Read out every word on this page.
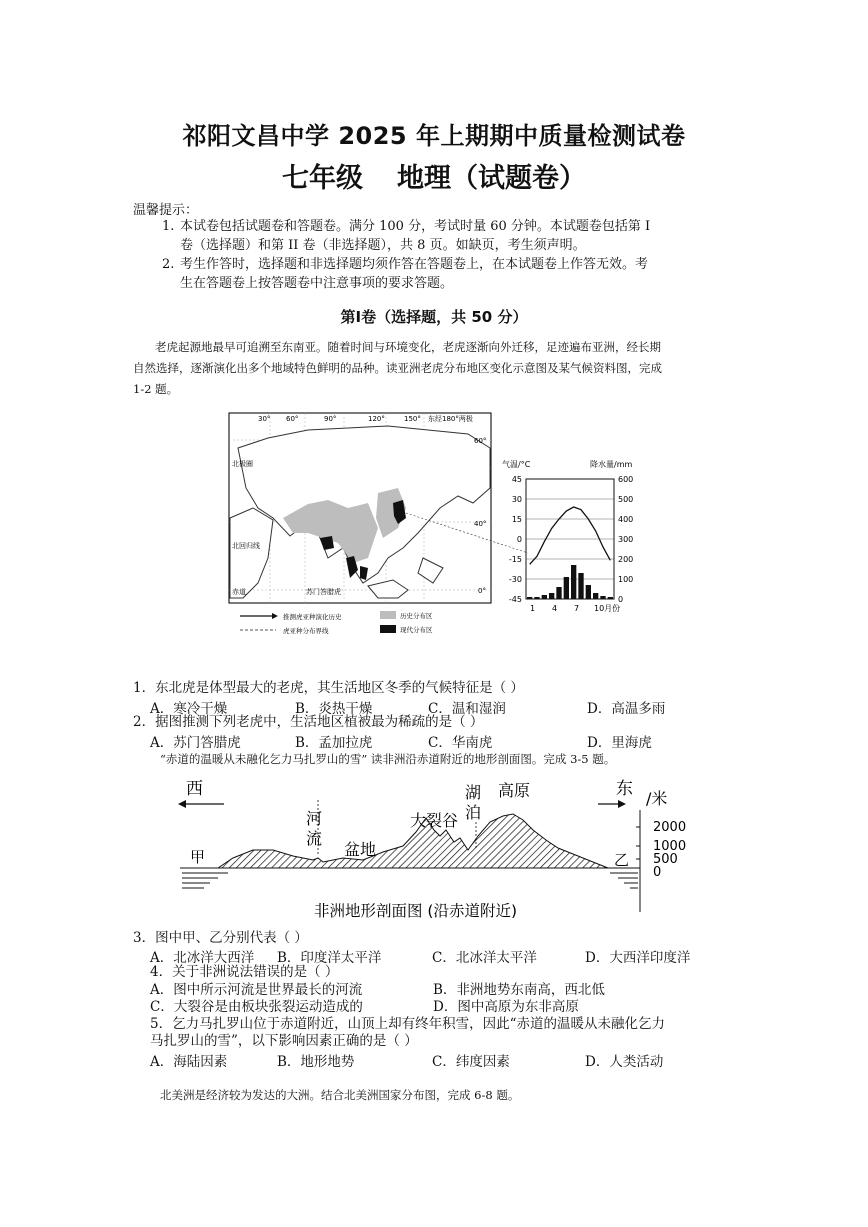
祁阳文昌中学 2025 年上期期中质量检测试卷
七年级 地理（试题卷）
温馨提示：
1. 本试卷包括试题卷和答题卷。满分 100 分，考试时量 60 分钟。本试题卷包括第 I
卷（选择题）和第 II 卷（非选择题），共 8 页。如缺页，考生须声明。
2. 考生作答时，选择题和非选择题均须作答在答题卷上，在本试题卷上作答无效。考
生在答题卷上按答题卷中注意事项的要求答题。
第I卷（选择题，共 50 分）
老虎起源地最早可追溯至东南亚。随着时间与环境变化，老虎逐渐向外迁移，足迹遍布亚洲，经长期
自然选择，逐渐演化出多个地域特色鲜明的品种。读亚洲老虎分布地区变化示意图及某气候资料图，完成
1-2 题。
30° 60°	90°	120°	150° 东经180°两极
60°
40°
0°
北极圈
北回归线
赤道	苏门答腊虎
推测虎亚种演化历史	历史分布区
虎亚种分布界线	现代分布区
气温/°C	降水量/mm
45
30
15
0
-15
-30
-45
600
500
400
300
200
100
0
1 4 7 10月份
1．东北虎是体型最大的老虎，其生活地区冬季的气候特征是（ ）
A．寒冷干燥	B．炎热干燥	C．温和湿润	D．高温多雨
2．据图推测下列老虎中，生活地区植被最为稀疏的是（ ）
A．苏门答腊虎	B．孟加拉虎	C．华南虎	D．里海虎
“赤道的温暖从未融化乞力马扎罗山的雪” 读非洲沿赤道附近的地形剖面图。完成 3-5 题。
西	东 /米
甲	乙
河
流
盆地
大裂谷
湖
泊
高原
2000
1000
500
0
非洲地形剖面图 (沿赤道附近)
3．图中甲、乙分别代表（ ）
A．北冰洋大西洋	B．印度洋太平洋	C．北冰洋太平洋	D．大西洋印度洋
4．关于非洲说法错误的是（ ）
A．图中所示河流是世界最长的河流	B．非洲地势东南高，西北低
C．大裂谷是由板块张裂运动造成的	D．图中高原为东非高原
5．乞力马扎罗山位于赤道附近，山顶上却有终年积雪，因此“赤道的温暖从未融化乞力
马扎罗山的雪”，以下影响因素正确的是（ ）
A．海陆因素	B．地形地势	C．纬度因素	D．人类活动
北美洲是经济较为发达的大洲。结合北美洲国家分布图，完成 6-8 题。
